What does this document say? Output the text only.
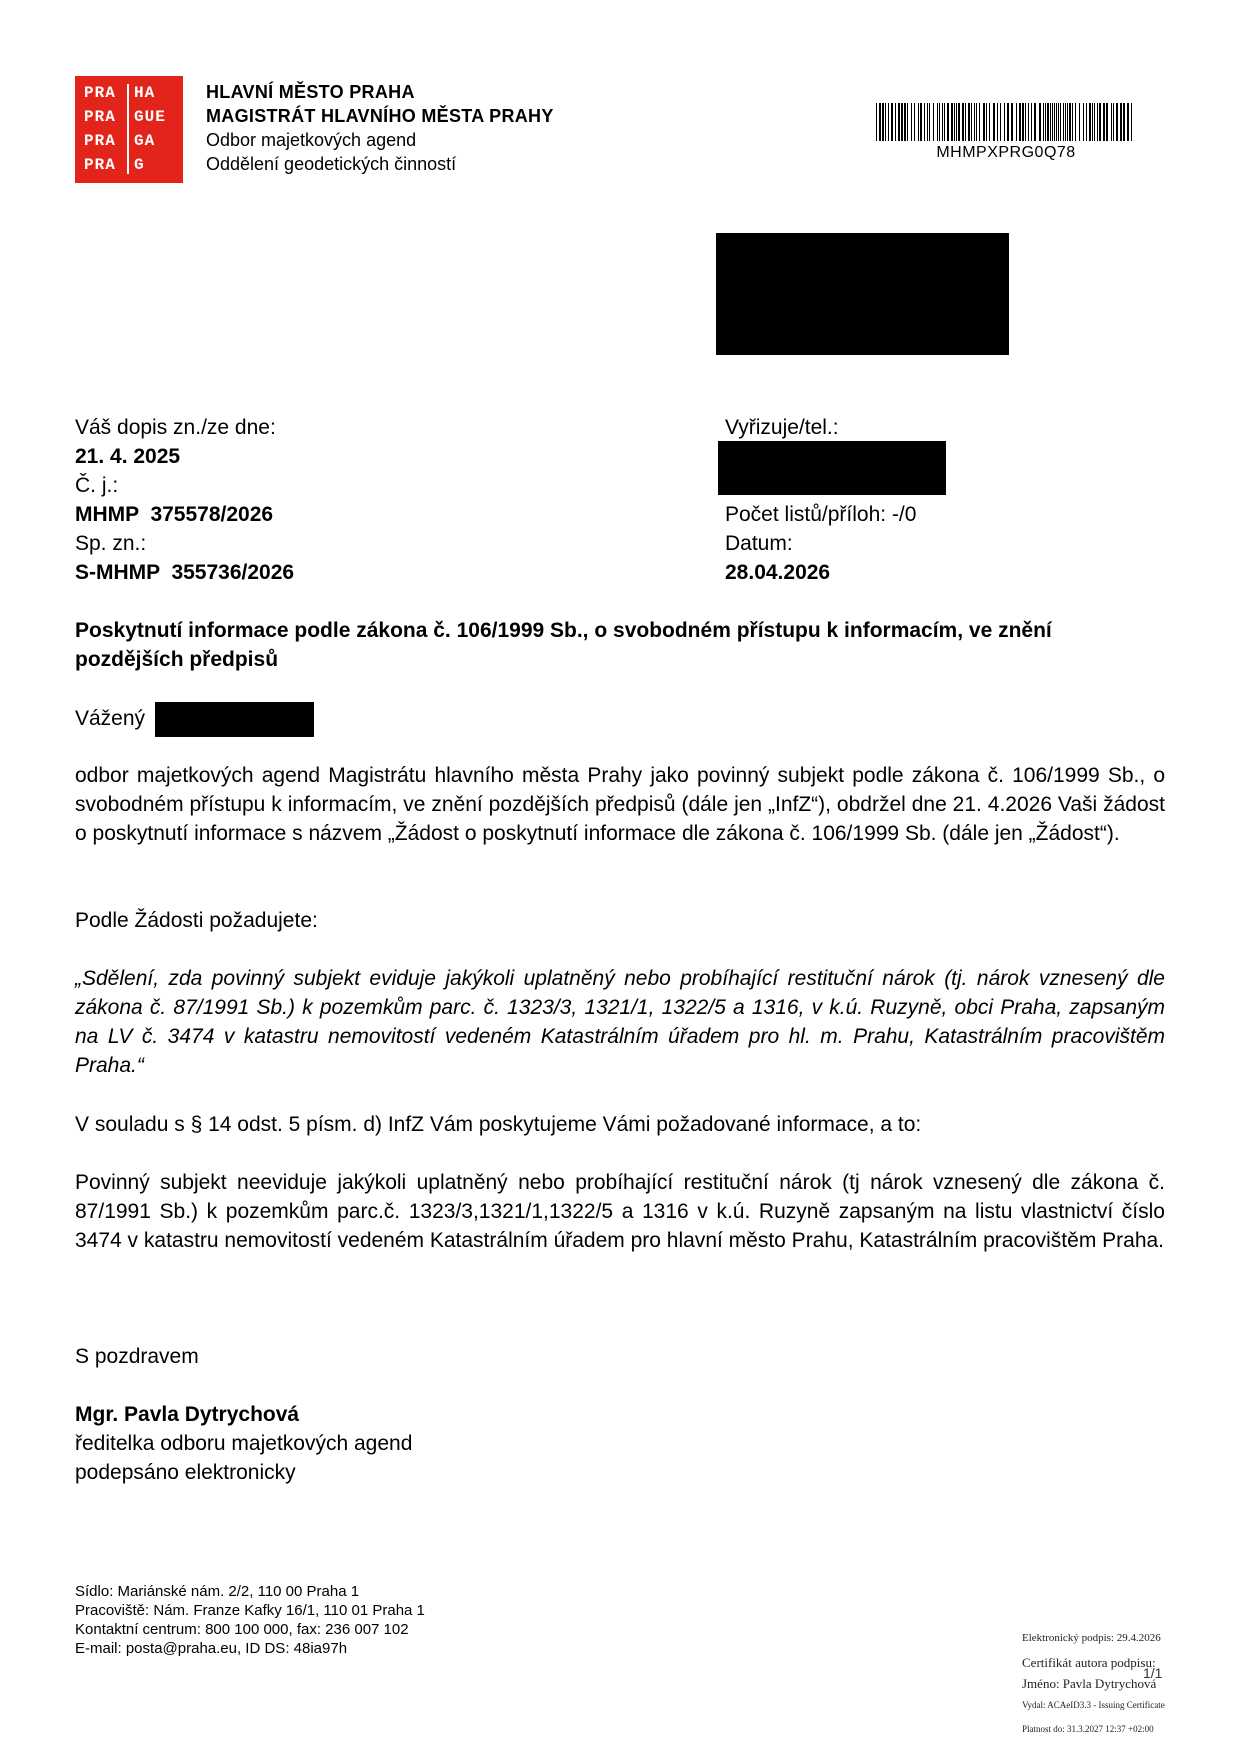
PRA HA
PRA GUE
PRA GA
PRA G
HLAVNÍ MĚSTO PRAHA
MAGISTRÁT HLAVNÍHO MĚSTA PRAHY
Odbor majetkových agend
Oddělení geodetických činností
MHMPXPRG0Q78
Váš dopis zn./ze dne:
21. 4. 2025
Č. j.:
MHMP  375578/2026
Sp. zn.:
S-MHMP  355736/2026
Vyřizuje/tel.:
Počet listů/příloh: -/0
Datum:
28.04.2026
Poskytnutí informace podle zákona č. 106/1999 Sb., o svobodném přístupu k informacím, ve znění
pozdějších předpisů
Vážený
odbor majetkových agend Magistrátu hlavního města Prahy jako povinný subjekt podle zákona č. 106/1999 Sb., o svobodném přístupu k informacím, ve znění pozdějších předpisů (dále jen „InfZ“), obdržel dne 21. 4.2026 Vaši žádost o poskytnutí informace s názvem „Žádost o poskytnutí informace dle zákona č. 106/1999 Sb. (dále jen „Žádost“).
Podle Žádosti požadujete:
„Sdělení, zda povinný subjekt eviduje jakýkoli uplatněný nebo probíhající restituční nárok (tj. nárok vznesený dle zákona č. 87/1991 Sb.) k pozemkům parc. č. 1323/3, 1321/1, 1322/5 a 1316, v k.ú. Ruzyně, obci Praha, zapsaným na LV č. 3474 v katastru nemovitostí vedeném Katastrálním úřadem pro hl. m. Prahu, Katastrálním pracovištěm Praha.“
V souladu s § 14 odst. 5 písm. d) InfZ Vám poskytujeme Vámi požadované informace, a to:
Povinný subjekt neeviduje jakýkoli uplatněný nebo probíhající restituční nárok (tj nárok vznesený dle zákona č. 87/1991 Sb.) k pozemkům parc.č. 1323/3,1321/1,1322/5 a 1316 v k.ú. Ruzyně zapsaným na listu vlastnictví číslo 3474 v katastru nemovitostí vedeném Katastrálním úřadem pro hlavní město Prahu, Katastrálním pracovištěm Praha.
S pozdravem
Mgr. Pavla Dytrychová
ředitelka odboru majetkových agend
podepsáno elektronicky
Sídlo: Mariánské nám. 2/2, 110 00 Praha 1
Pracoviště: Nám. Franze Kafky 16/1, 110 01 Praha 1
Kontaktní centrum: 800 100 000, fax: 236 007 102
E-mail: posta@praha.eu, ID DS: 48ia97h
Elektronický podpis: 29.4.2026
Certifikát autora podpisu:
Jméno: Pavla Dytrychová
Vydal: ACAeID3.3 - Issuing Certificate
Platnost do: 31.3.2027 12:37 +02:00
1/1
